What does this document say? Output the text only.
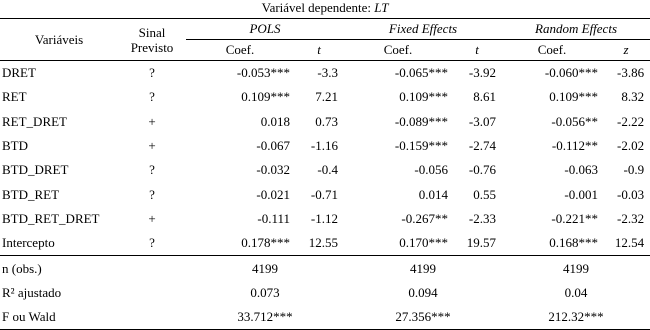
Variável dependente: LT							
Variáveis	Sinal Previsto	POLS		Fixed Effects		Random Effects	
		Coef.	t	Coef.	t	Coef.	z
DRET	?	-0.053***	-3.3	-0.065***	-3.92	-0.060***	-3.86
RET	?	0.109***	7.21	0.109***	8.61	0.109***	8.32
RET_DRET	+	0.018	0.73	-0.089***	-3.07	-0.056**	-2.22
BTD	+	-0.067	-1.16	-0.159***	-2.74	-0.112**	-2.02
BTD_DRET	?	-0.032	-0.4	-0.056	-0.76	-0.063	-0.9
BTD_RET	?	-0.021	-0.71	0.014	0.55	-0.001	-0.03
BTD_RET_DRET	+	-0.111	-1.12	-0.267**	-2.33	-0.221**	-2.32
Intercepto	?	0.178***	12.55	0.170***	19.57	0.168***	12.54
n (obs.)		4199		4199		4199	
R² ajustado		0.073		0.094		0.04	
F ou Wald		33.712***		27.356***		212.32***	
